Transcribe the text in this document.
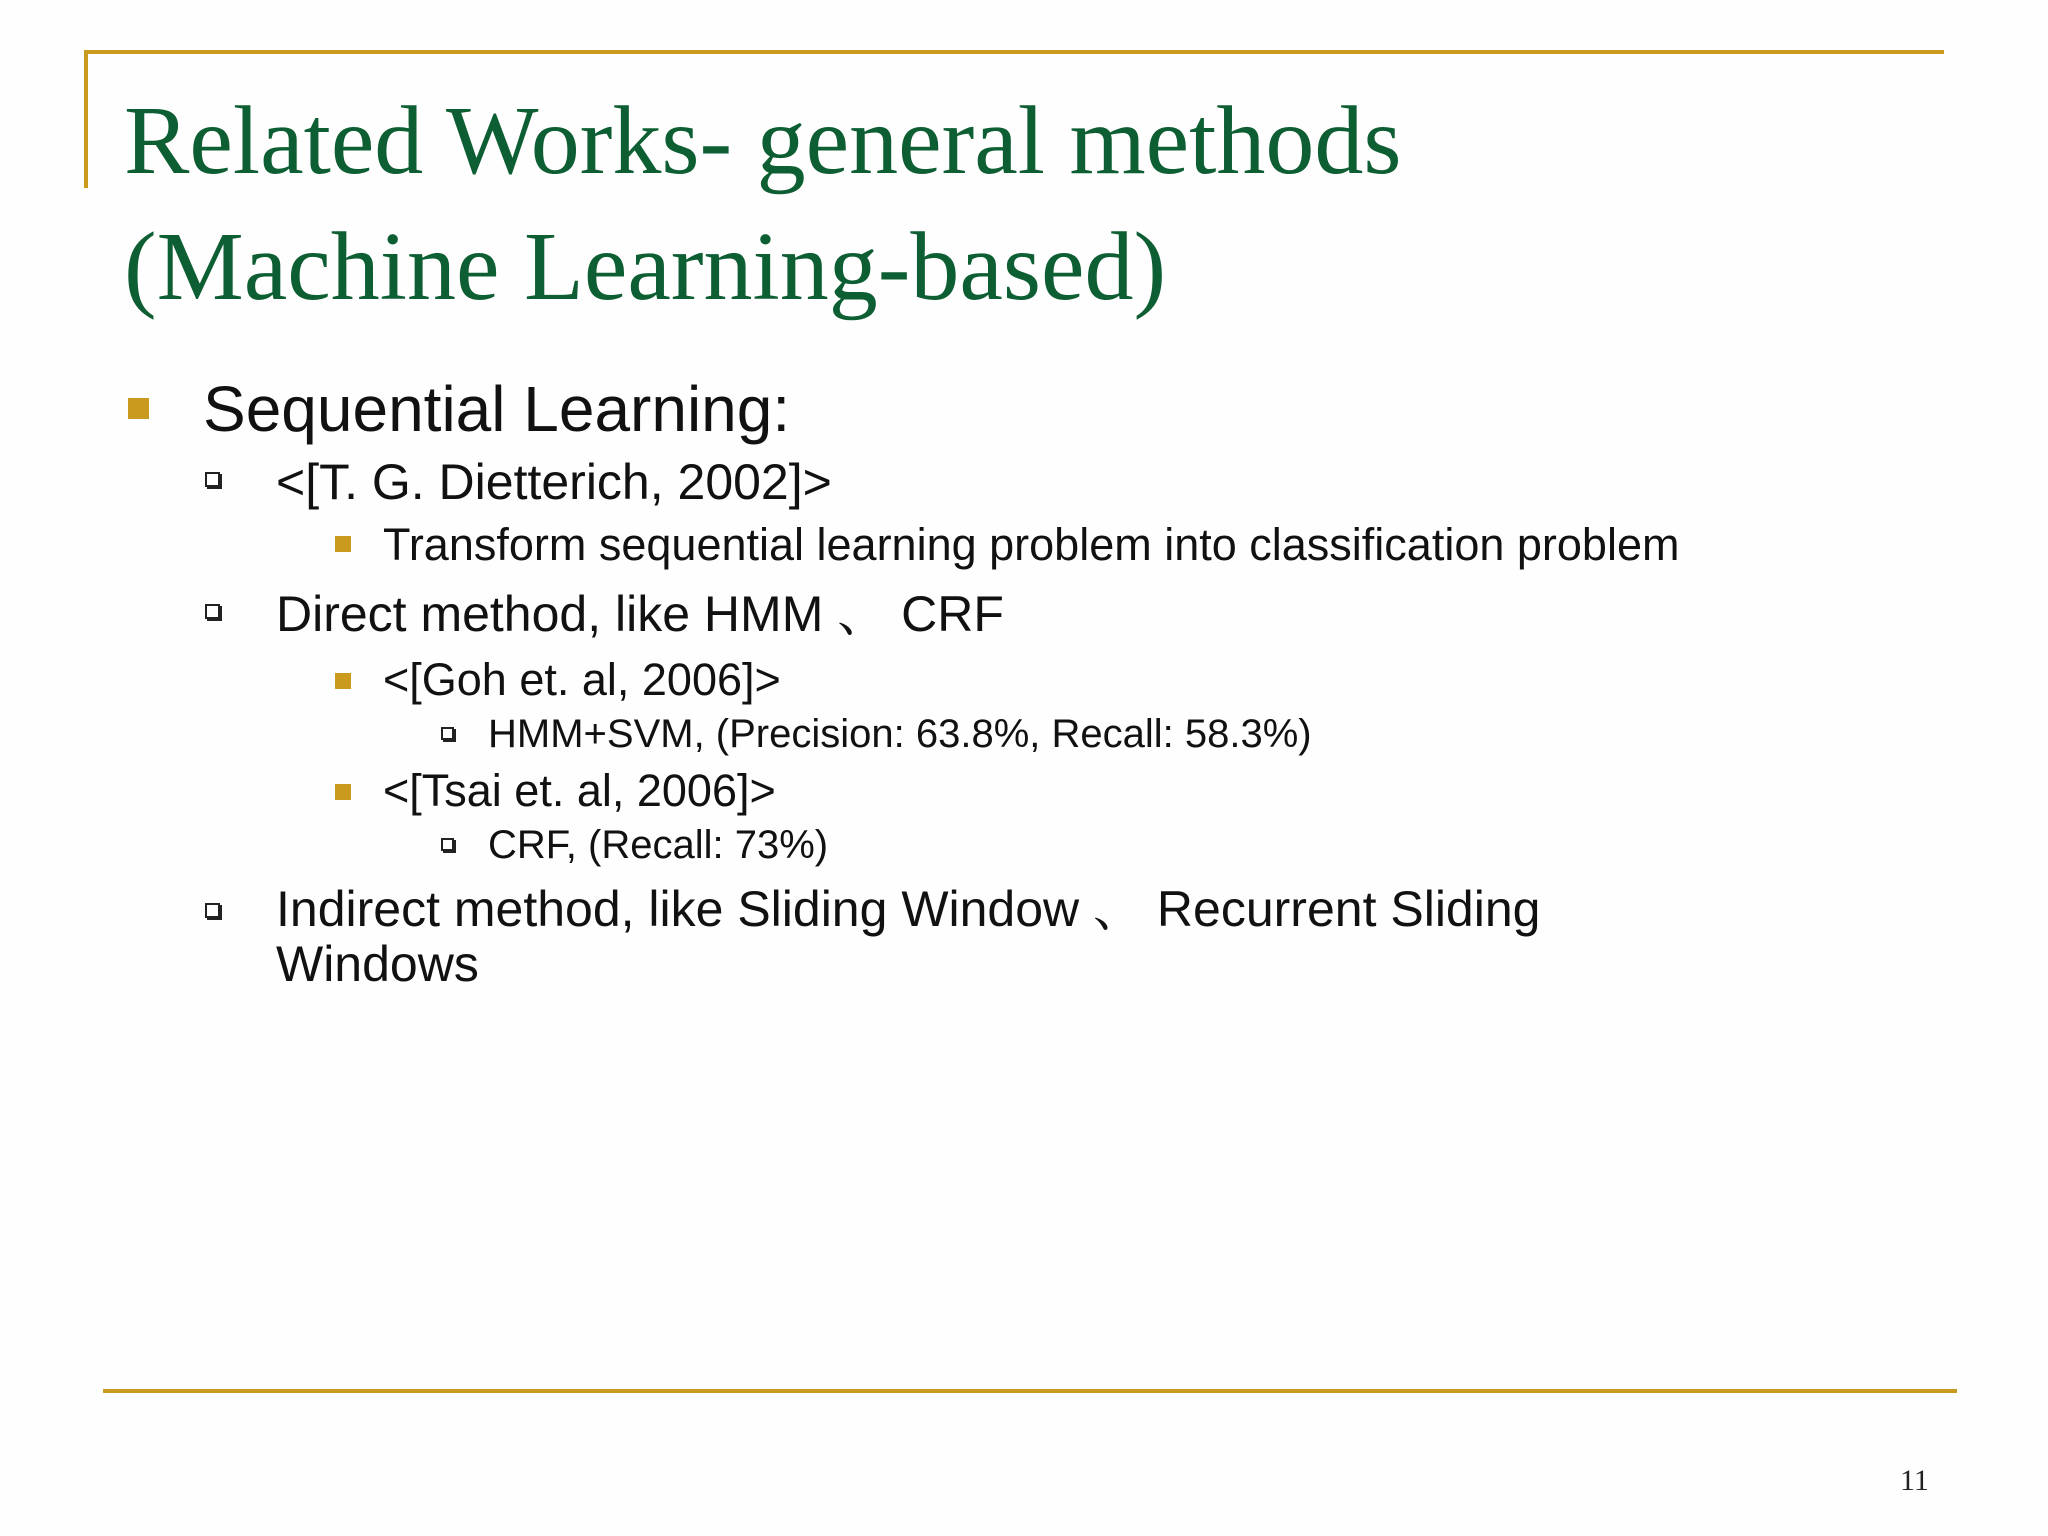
Related Works- general methods
(Machine Learning-based)
Sequential Learning:
<[T. G. Dietterich, 2002]>
Transform sequential learning problem into classification problem
Direct method, like HMM 、 CRF
<[Goh et. al, 2006]>
HMM+SVM, (Precision: 63.8%, Recall: 58.3%)
<[Tsai et. al, 2006]>
CRF, (Recall: 73%)
Indirect method, like Sliding Window 、 Recurrent Sliding
Windows
11
